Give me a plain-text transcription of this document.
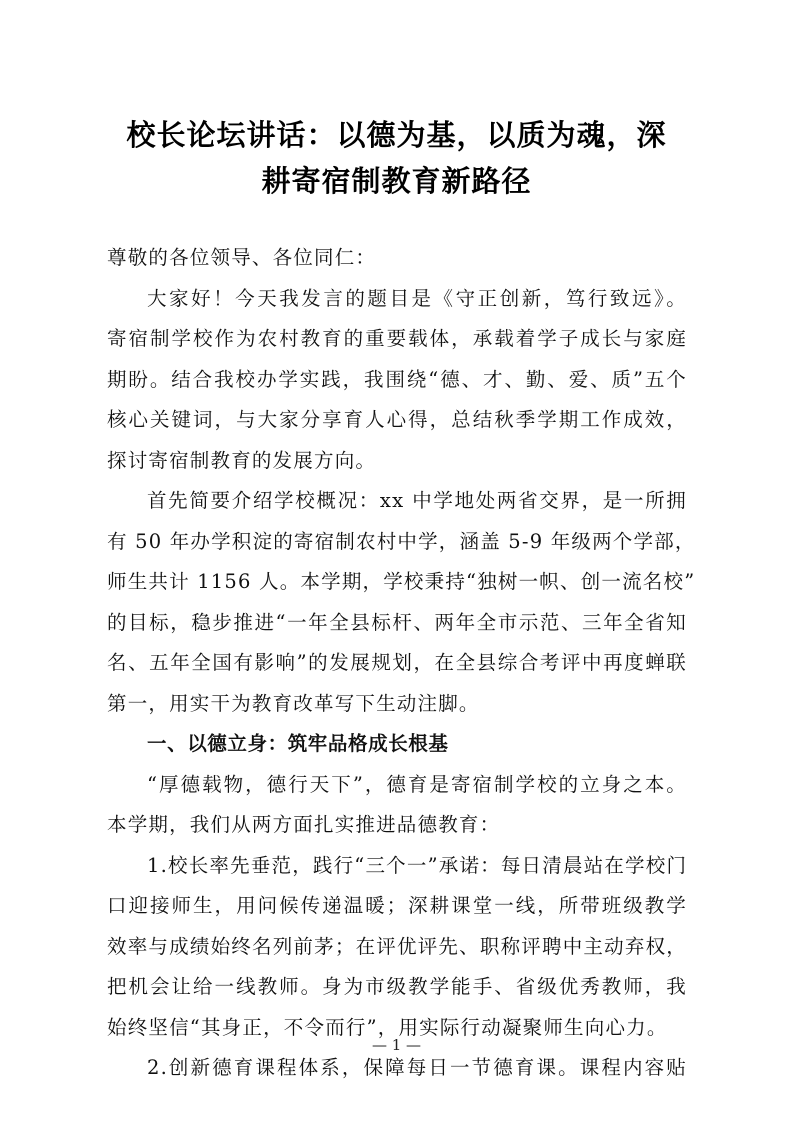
校长论坛讲话：以德为基，以质为魂，深
耕寄宿制教育新路径
尊敬的各位领导、各位同仁：
大家好！今天我发言的题目是《守正创新，笃行致远》。
寄宿制学校作为农村教育的重要载体，承载着学子成长与家庭
期盼。结合我校办学实践，我围绕“德、才、勤、爱、质”五个
核心关键词，与大家分享育人心得，总结秋季学期工作成效，
探讨寄宿制教育的发展方向。
首先简要介绍学校概况：xx 中学地处两省交界，是一所拥
有 50 年办学积淀的寄宿制农村中学，涵盖 5-9 年级两个学部，
师生共计 1156 人。本学期，学校秉持“独树一帜、创一流名校”
的目标，稳步推进“一年全县标杆、两年全市示范、三年全省知
名、五年全国有影响”的发展规划，在全县综合考评中再度蝉联
第一，用实干为教育改革写下生动注脚。
一、以德立身：筑牢品格成长根基
“厚德载物，德行天下”，德育是寄宿制学校的立身之本。
本学期，我们从两方面扎实推进品德教育：
1.校长率先垂范，践行“三个一”承诺：每日清晨站在学校门
口迎接师生，用问候传递温暖；深耕课堂一线，所带班级教学
效率与成绩始终名列前茅；在评优评先、职称评聘中主动弃权，
把机会让给一线教师。身为市级教学能手、省级优秀教师，我
始终坚信“其身正，不令而行”，用实际行动凝聚师生向心力。
2.创新德育课程体系，保障每日一节德育课。课程内容贴
— 1 —
